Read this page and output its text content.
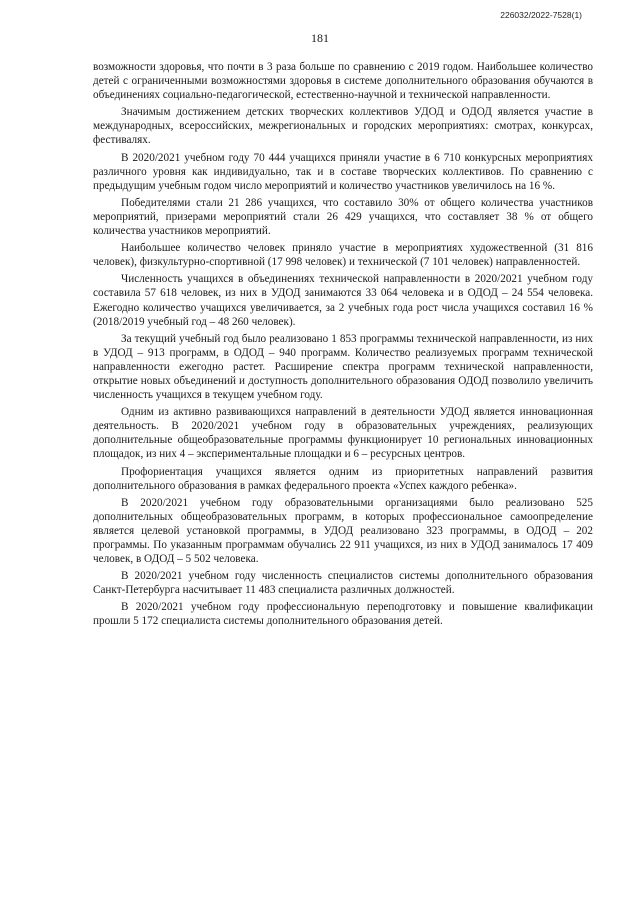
226032/2022-7528(1)
181

возможности здоровья, что почти в 3 раза больше по сравнению с 2019 годом. Наибольшее количество детей с ограниченными возможностями здоровья в системе дополнительного образования обучаются в объединениях социально-педагогической, естественно-научной и технической направленности.

Значимым достижением детских творческих коллективов УДОД и ОДОД является участие в международных, всероссийских, межрегиональных и городских мероприятиях: смотрах, конкурсах, фестивалях.

В 2020/2021 учебном году 70 444 учащихся приняли участие в 6 710 конкурсных мероприятиях различного уровня как индивидуально, так и в составе творческих коллективов. По сравнению с предыдущим учебным годом число мероприятий и количество участников увеличилось на 16 %.

Победителями стали 21 286 учащихся, что составило 30% от общего количества участников мероприятий, призерами мероприятий стали 26 429 учащихся, что составляет 38 % от общего количества участников мероприятий.

Наибольшее количество человек приняло участие в мероприятиях художественной (31 816 человек), физкультурно-спортивной (17 998 человек) и технической (7 101 человек) направленностей.

Численность учащихся в объединениях технической направленности в 2020/2021 учебном году составила 57 618 человек, из них в УДОД занимаются 33 064 человека и в ОДОД – 24 554 человека. Ежегодно количество учащихся увеличивается, за 2 учебных года рост числа учащихся составил 16 % (2018/2019 учебный год – 48 260 человек).

За текущий учебный год было реализовано 1 853 программы технической направленности, из них в УДОД – 913 программ, в ОДОД – 940 программ. Количество реализуемых программ технической направленности ежегодно растет. Расширение спектра программ технической направленности, открытие новых объединений и доступность дополнительного образования ОДОД позволило увеличить численность учащихся в текущем учебном году.

Одним из активно развивающихся направлений в деятельности УДОД является инновационная деятельность. В 2020/2021 учебном году в образовательных учреждениях, реализующих дополнительные общеобразовательные программы функционирует 10 региональных инновационных площадок, из них 4 – экспериментальные площадки и 6 – ресурсных центров.

Профориентация учащихся является одним из приоритетных направлений развития дополнительного образования в рамках федерального проекта «Успех каждого ребенка».

В 2020/2021 учебном году образовательными организациями было реализовано 525 дополнительных общеобразовательных программ, в которых профессиональное самоопределение является целевой установкой программы, в УДОД реализовано 323 программы, в ОДОД – 202 программы. По указанным программам обучались 22 911 учащихся, из них в УДОД занималось 17 409 человек, в ОДОД – 5 502 человека.

В 2020/2021 учебном году численность специалистов системы дополнительного образования Санкт-Петербурга насчитывает 11 483 специалиста различных должностей.

В 2020/2021 учебном году профессиональную переподготовку и повышение квалификации прошли 5 172 специалиста системы дополнительного образования детей.
